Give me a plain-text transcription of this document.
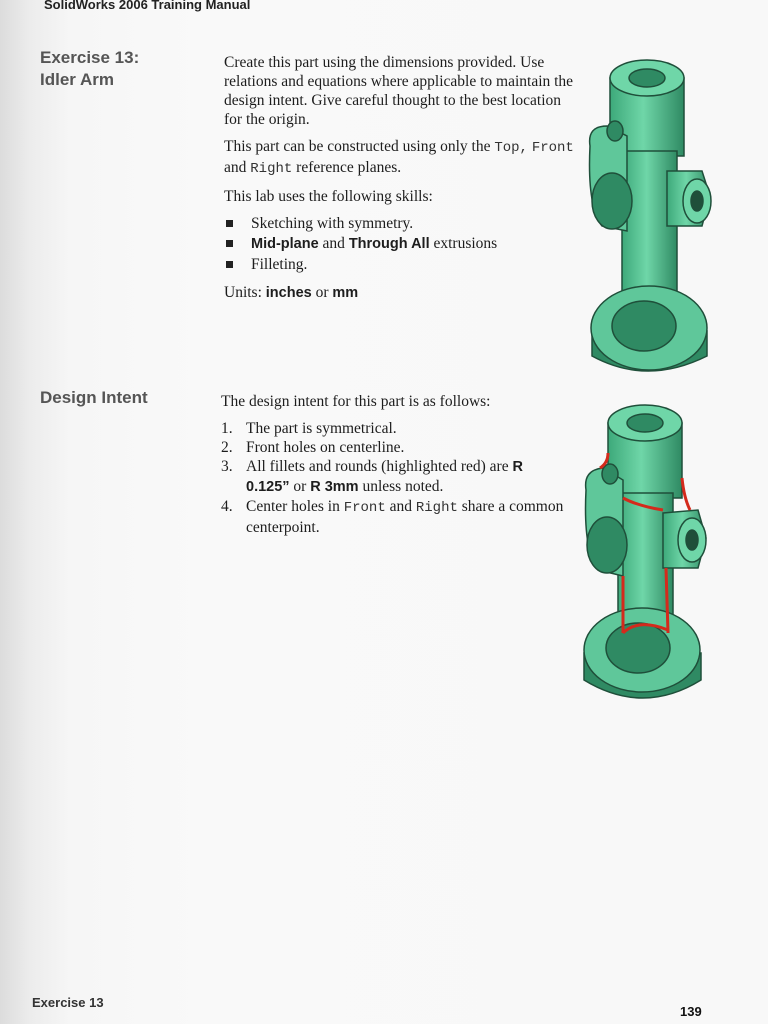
SolidWorks 2006 Training Manual
Exercise 13:
Idler Arm

Create this part using the dimensions provided. Use relations and equations where applicable to maintain the design intent. Give careful thought to the best location for the origin.

This part can be constructed using only the Top, Front and Right reference planes.

This lab uses the following skills:

Sketching with symmetry.
Mid-plane and Through All extrusions
Filleting.

Units: inches or mm

Design Intent	The design intent for this part is as follows:

1. The part is symmetrical.
2. Front holes on centerline.
3. All fillets and rounds (highlighted red) are R 0.125” or R 3mm unless noted.
4. Center holes in Front and Right share a common centerpoint.
Exercise 13
139
